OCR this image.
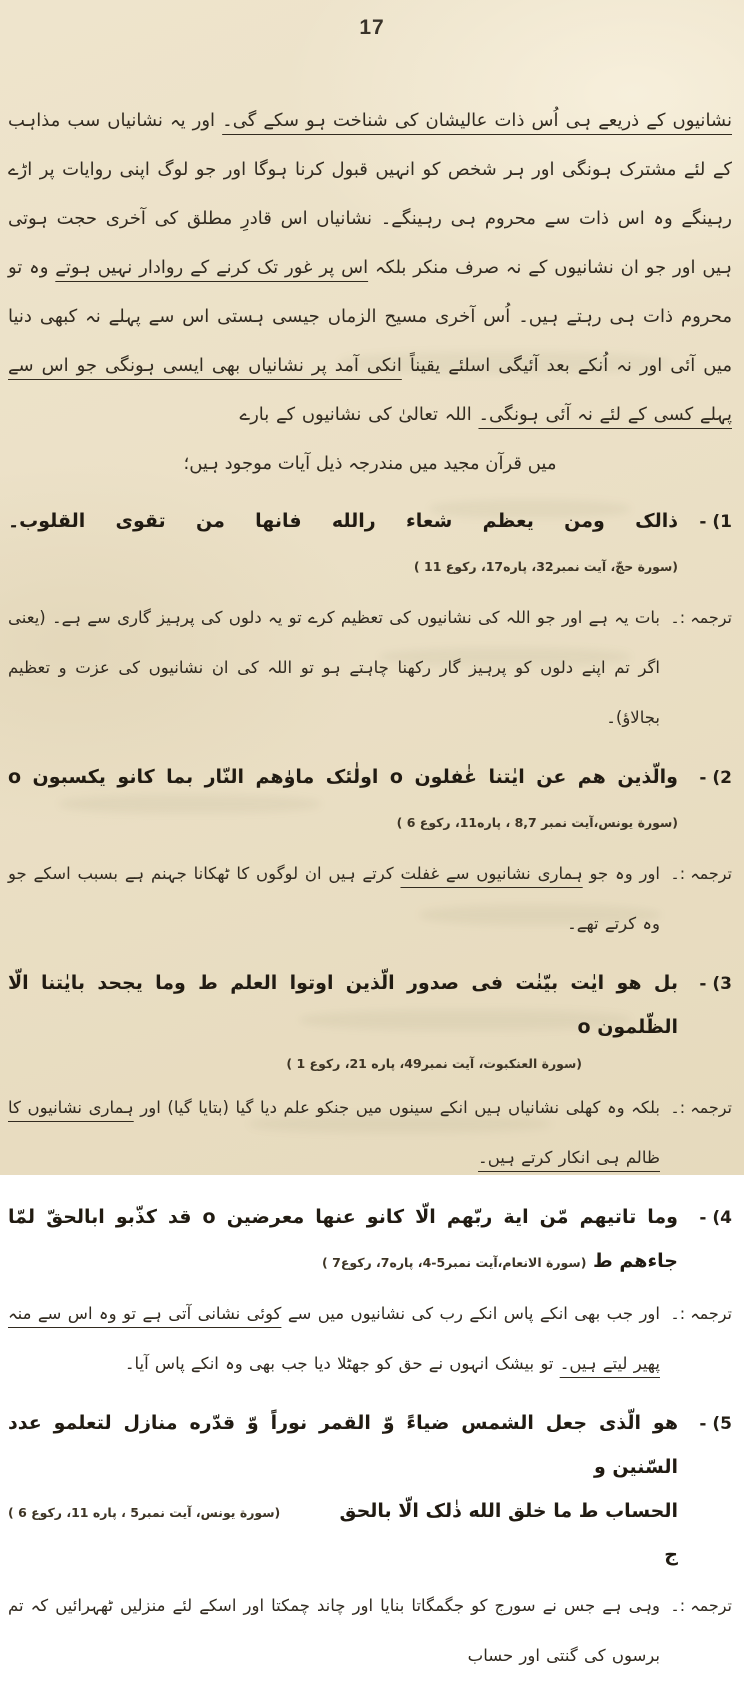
17
نشانیوں کے ذریعے ہی اُس ذات عالیشان کی شناخت ہو سکے گی۔ اور یہ نشانیاں سب مذاہب کے لئے مشترک ہونگی اور ہر شخص کو انہیں قبول کرنا ہوگا اور جو لوگ اپنی روایات پر اڑے رہینگے وہ اس ذات سے محروم ہی رہینگے۔ نشانیاں اس قادرِ مطلق کی آخری حجت ہوتی ہیں اور جو ان نشانیوں کے نہ صرف منکر بلکہ اس پر غور تک کرنے کے روادار نہیں ہوتے وہ تو محروم ذات ہی رہتے ہیں۔ اُس آخری مسیح الزماں جیسی ہستی اس سے پہلے نہ کبھی دنیا میں آئی اور نہ اُنکے بعد آئیگی اسلئے یقیناً انکی آمد پر نشانیاں بھی ایسی ہونگی جو اس سے پہلے کسی کے لئے نہ آئی ہونگی۔ اللہ تعالیٰ کی نشانیوں کے بارے
میں قرآن مجید میں مندرجہ ذیل آیات موجود ہیں؛
1) -
ذالک ومن یعظم شعاء رالله فانها من تقوی القلوب۔ (سورة حجّ، آیت نمبر32، پاره17، رکوع 11 )
ترجمہ :۔
بات یہ ہے اور جو اللہ کی نشانیوں کی تعظیم کرے تو یہ دلوں کی پرہیز گاری سے ہے۔ (یعنی اگر تم اپنے دلوں کو پرہیز گار رکھنا چاہتے ہو تو اللہ کی ان نشانیوں کی عزت و تعظیم بجالاؤ)۔
2) -
والّذین هم عن ایٰتنا غٰفلون o اولٰئک ماوٰهم النّار بما کانو یکسبون o (سورة یونس،آیت نمبر 8,7 ، پاره11، رکوع 6 )
ترجمہ :۔
اور وہ جو ہماری نشانیوں سے غفلت کرتے ہیں ان لوگوں کا ٹھکانا جہنم ہے بسبب اسکے جو وہ کرتے تھے۔
3) -
بل هو ایٰت بیّنٰت فی صدور الّذین اوتوا العلم ط وما یجحد بایٰتنا الّا الظّلمون o
(سورة العنکبوت، آیت نمبر49، پاره 21، رکوع 1 )
ترجمہ :۔
بلکہ وہ کھلی نشانیاں ہیں انکے سینوں میں جنکو علم دیا گیا (بتایا گیا) اور ہماری نشانیوں کا ظالم ہی انکار کرتے ہیں۔
4) -
وما تاتیهم مّن ایة ربّهم الّا کانو عنها معرضین o قد کذّبو ابالحقّ لمّا جاءهم ط (سورة الانعام،آیت نمبر5-4، پاره7، رکوع7 )
ترجمہ :۔
اور جب بھی انکے پاس انکے رب کی نشانیوں میں سے کوئی نشانی آتی ہے تو وہ اس سے منہ پھیر لیتے ہیں۔ تو بیشک انہوں نے حق کو جھٹلا دیا جب بھی وہ انکے پاس آیا۔
5) -
هو الّذی جعل الشمس ضیاءً وّ القمر نوراً وّ قدّره منازل لتعلمو عدد السّنین و
الحساب ط ما خلق الله ذٰلک الّا بالحق ج
(سورة یونس، آیت نمبر5 ، پاره 11، رکوع 6 )
ترجمہ :۔
وہی ہے جس نے سورج کو جگمگاتا بنایا اور چاند چمکتا اور اسکے لئے منزلیں ٹھہرائیں کہ تم برسوں کی گنتی اور حساب
